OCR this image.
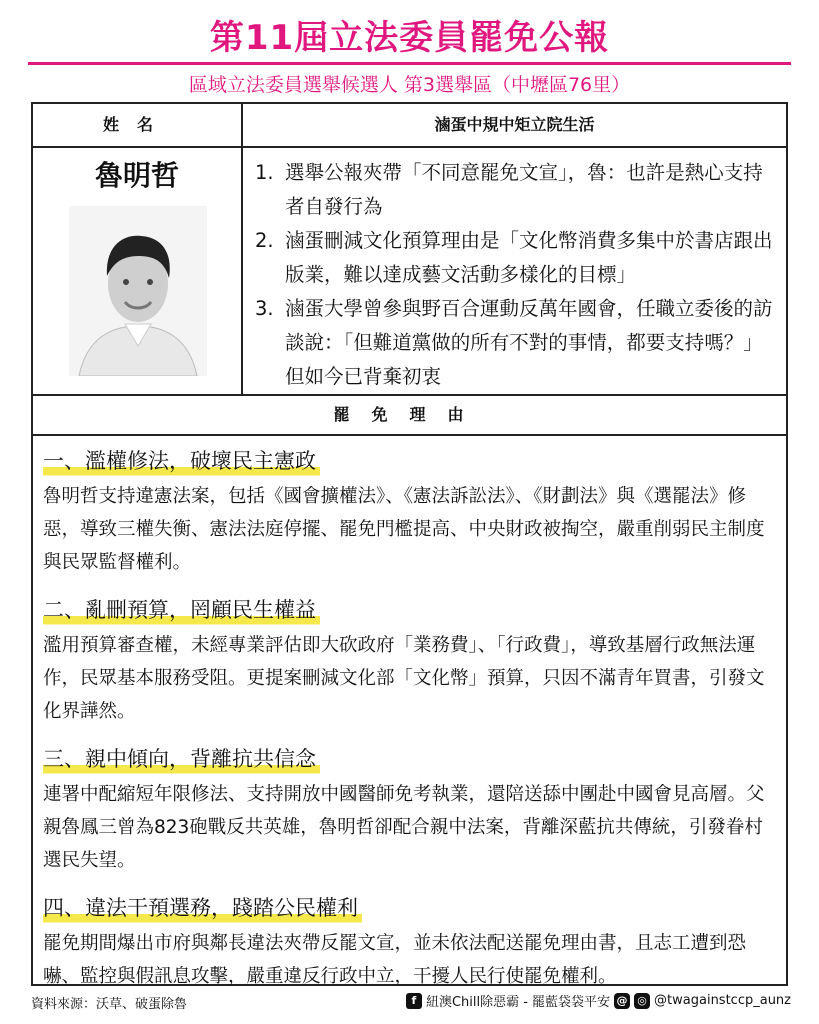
第11屆立法委員罷免公報
區域立法委員選舉候選人 第3選舉區（中壢區76里）
姓名	滷蛋中規中矩立院生活
魯明哲	1. 選舉公報夾帶「不同意罷免文宣」，魯：也許是熱心支持者自發行為
2. 滷蛋刪減文化預算理由是「文化幣消費多集中於書店跟出版業，難以達成藝文活動多樣化的目標」
3. 滷蛋大學曾參與野百合運動反萬年國會，任職立委後的訪談說：「但難道黨做的所有不對的事情，都要支持嗎？」但如今已背棄初衷
罷免理由
一、濫權修法，破壞民主憲政

魯明哲支持違憲法案，包括《國會擴權法》、《憲法訴訟法》、《財劃法》與《選罷法》修惡，導致三權失衡、憲法法庭停擺、罷免門檻提高、中央財政被掏空，嚴重削弱民主制度與民眾監督權利。

二、亂刪預算，罔顧民生權益

濫用預算審查權，未經專業評估即大砍政府「業務費」、「行政費」，導致基層行政無法運作，民眾基本服務受阻。更提案刪減文化部「文化幣」預算，只因不滿青年買書，引發文化界譁然。

三、親中傾向，背離抗共信念

連署中配縮短年限修法、支持開放中國醫師免考執業，還陪送舔中團赴中國會見高層。父親魯鳳三曾為823砲戰反共英雄，魯明哲卻配合親中法案，背離深藍抗共傳統，引發眷村選民失望。

四、違法干預選務，踐踏公民權利

罷免期間爆出市府與鄰長違法夾帶反罷文宣，並未依法配送罷免理由書，且志工遭到恐嚇、監控與假訊息攻擊，嚴重違反行政中立，干擾人民行使罷免權利。

資料來源：沃草、破蛋除魯	f 紐澳Chill除惡霸 - 罷藍袋袋平安 @ ◎ @twagainstccp_aunz
